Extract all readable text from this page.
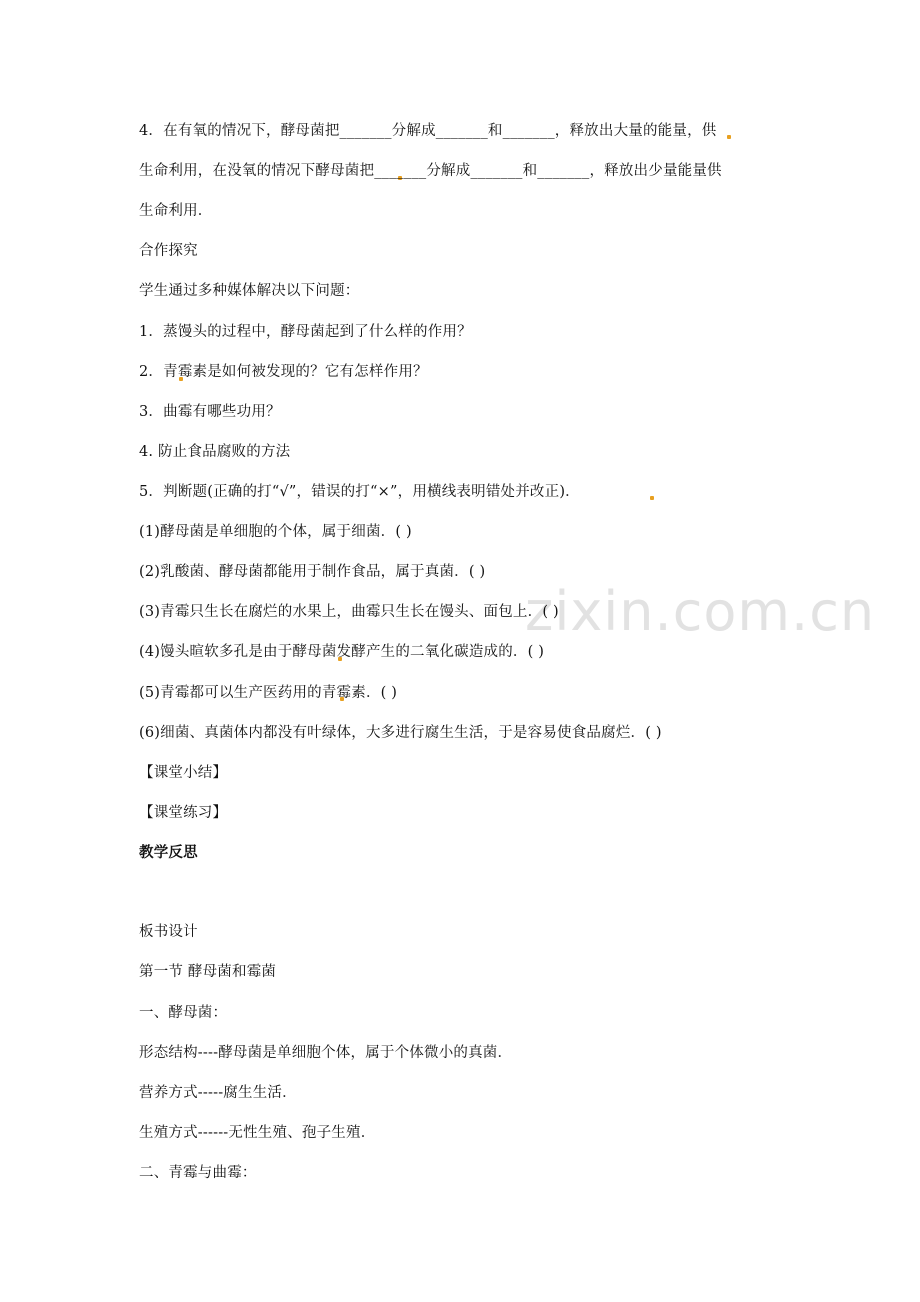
zixin.com.cn
4．在有氧的情况下，酵母菌把_______分解成_______和_______，释放出大量的能量，供
生命利用，在没氧的情况下酵母菌把_______分解成_______和_______，释放出少量能量供
生命利用．
合作探究
学生通过多种媒体解决以下问题：
1．蒸馒头的过程中，酵母菌起到了什么样的作用？
2．青霉素是如何被发现的？它有怎样作用？
3．曲霉有哪些功用？
4. 防止食品腐败的方法
5．判断题(正确的打“√”，错误的打“×”，用横线表明错处并改正)．
(1)酵母菌是单细胞的个体，属于细菌．( )
(2)乳酸菌、酵母菌都能用于制作食品，属于真菌．( )
(3)青霉只生长在腐烂的水果上，曲霉只生长在馒头、面包上．( )
(4)馒头暄软多孔是由于酵母菌发酵产生的二氧化碳造成的．( )
(5)青霉都可以生产医药用的青霉素．( )
(6)细菌、真菌体内都没有叶绿体，大多进行腐生生活，于是容易使食品腐烂．( )
【课堂小结】
【课堂练习】
教学反思
板书设计
第一节 酵母菌和霉菌
一、酵母菌：
形态结构----酵母菌是单细胞个体，属于个体微小的真菌．
营养方式-----腐生生活．
生殖方式------无性生殖、孢子生殖．
二、青霉与曲霉：
